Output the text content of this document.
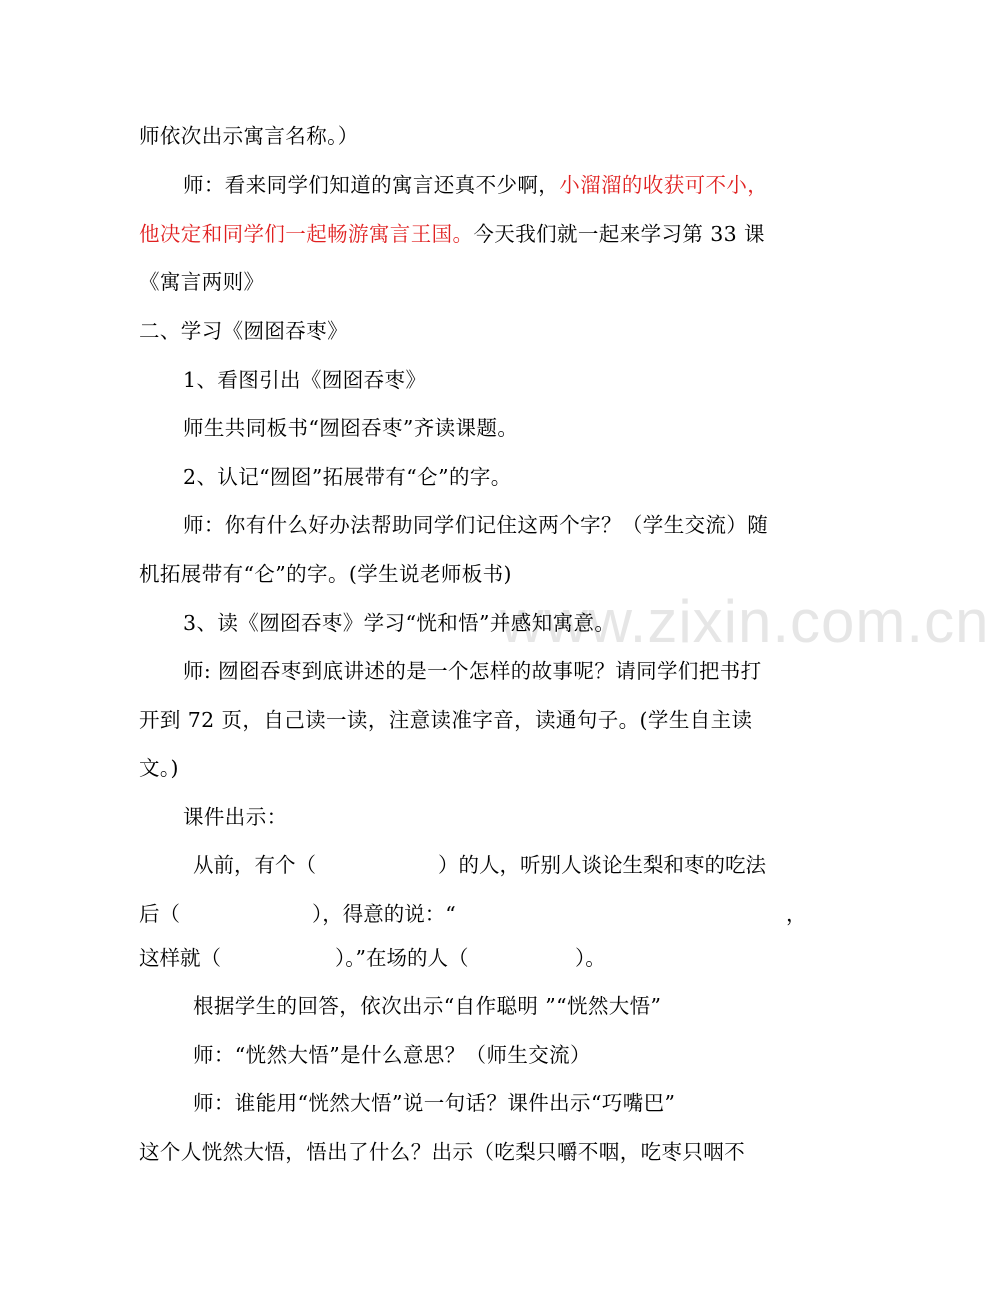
www.zixin.com.cn
师依次出示寓言名称。）
师：看来同学们知道的寓言还真不少啊，小溜溜的收获可不小，
他决定和同学们一起畅游寓言王国。今天我们就一起来学习第 33 课
《寓言两则》
二、学习《囫囵吞枣》
1、看图引出《囫囵吞枣》
师生共同板书“囫囵吞枣”齐读课题。
2、认记“囫囵”拓展带有“仑”的字。
师：你有什么好办法帮助同学们记住这两个字？（学生交流）随
机拓展带有“仑”的字。(学生说老师板书)
3、读《囫囵吞枣》学习“恍和悟”并感知寓意。
师: 囫囵吞枣到底讲述的是一个怎样的故事呢？请同学们把书打
开到 72 页，自己读一读，注意读准字音，读通句子。(学生自主读
文。)
课件出示：
从前，有个（	）的人，听别人谈论生梨和枣的吃法
后（	），得意的说：“	，
这样就（	）。”在场的人（	）。
根据学生的回答，依次出示“自作聪明 ”“恍然大悟”
师：“恍然大悟”是什么意思？（师生交流）
师：谁能用“恍然大悟”说一句话？课件出示“巧嘴巴”
这个人恍然大悟，悟出了什么？出示（吃梨只嚼不咽，吃枣只咽不
